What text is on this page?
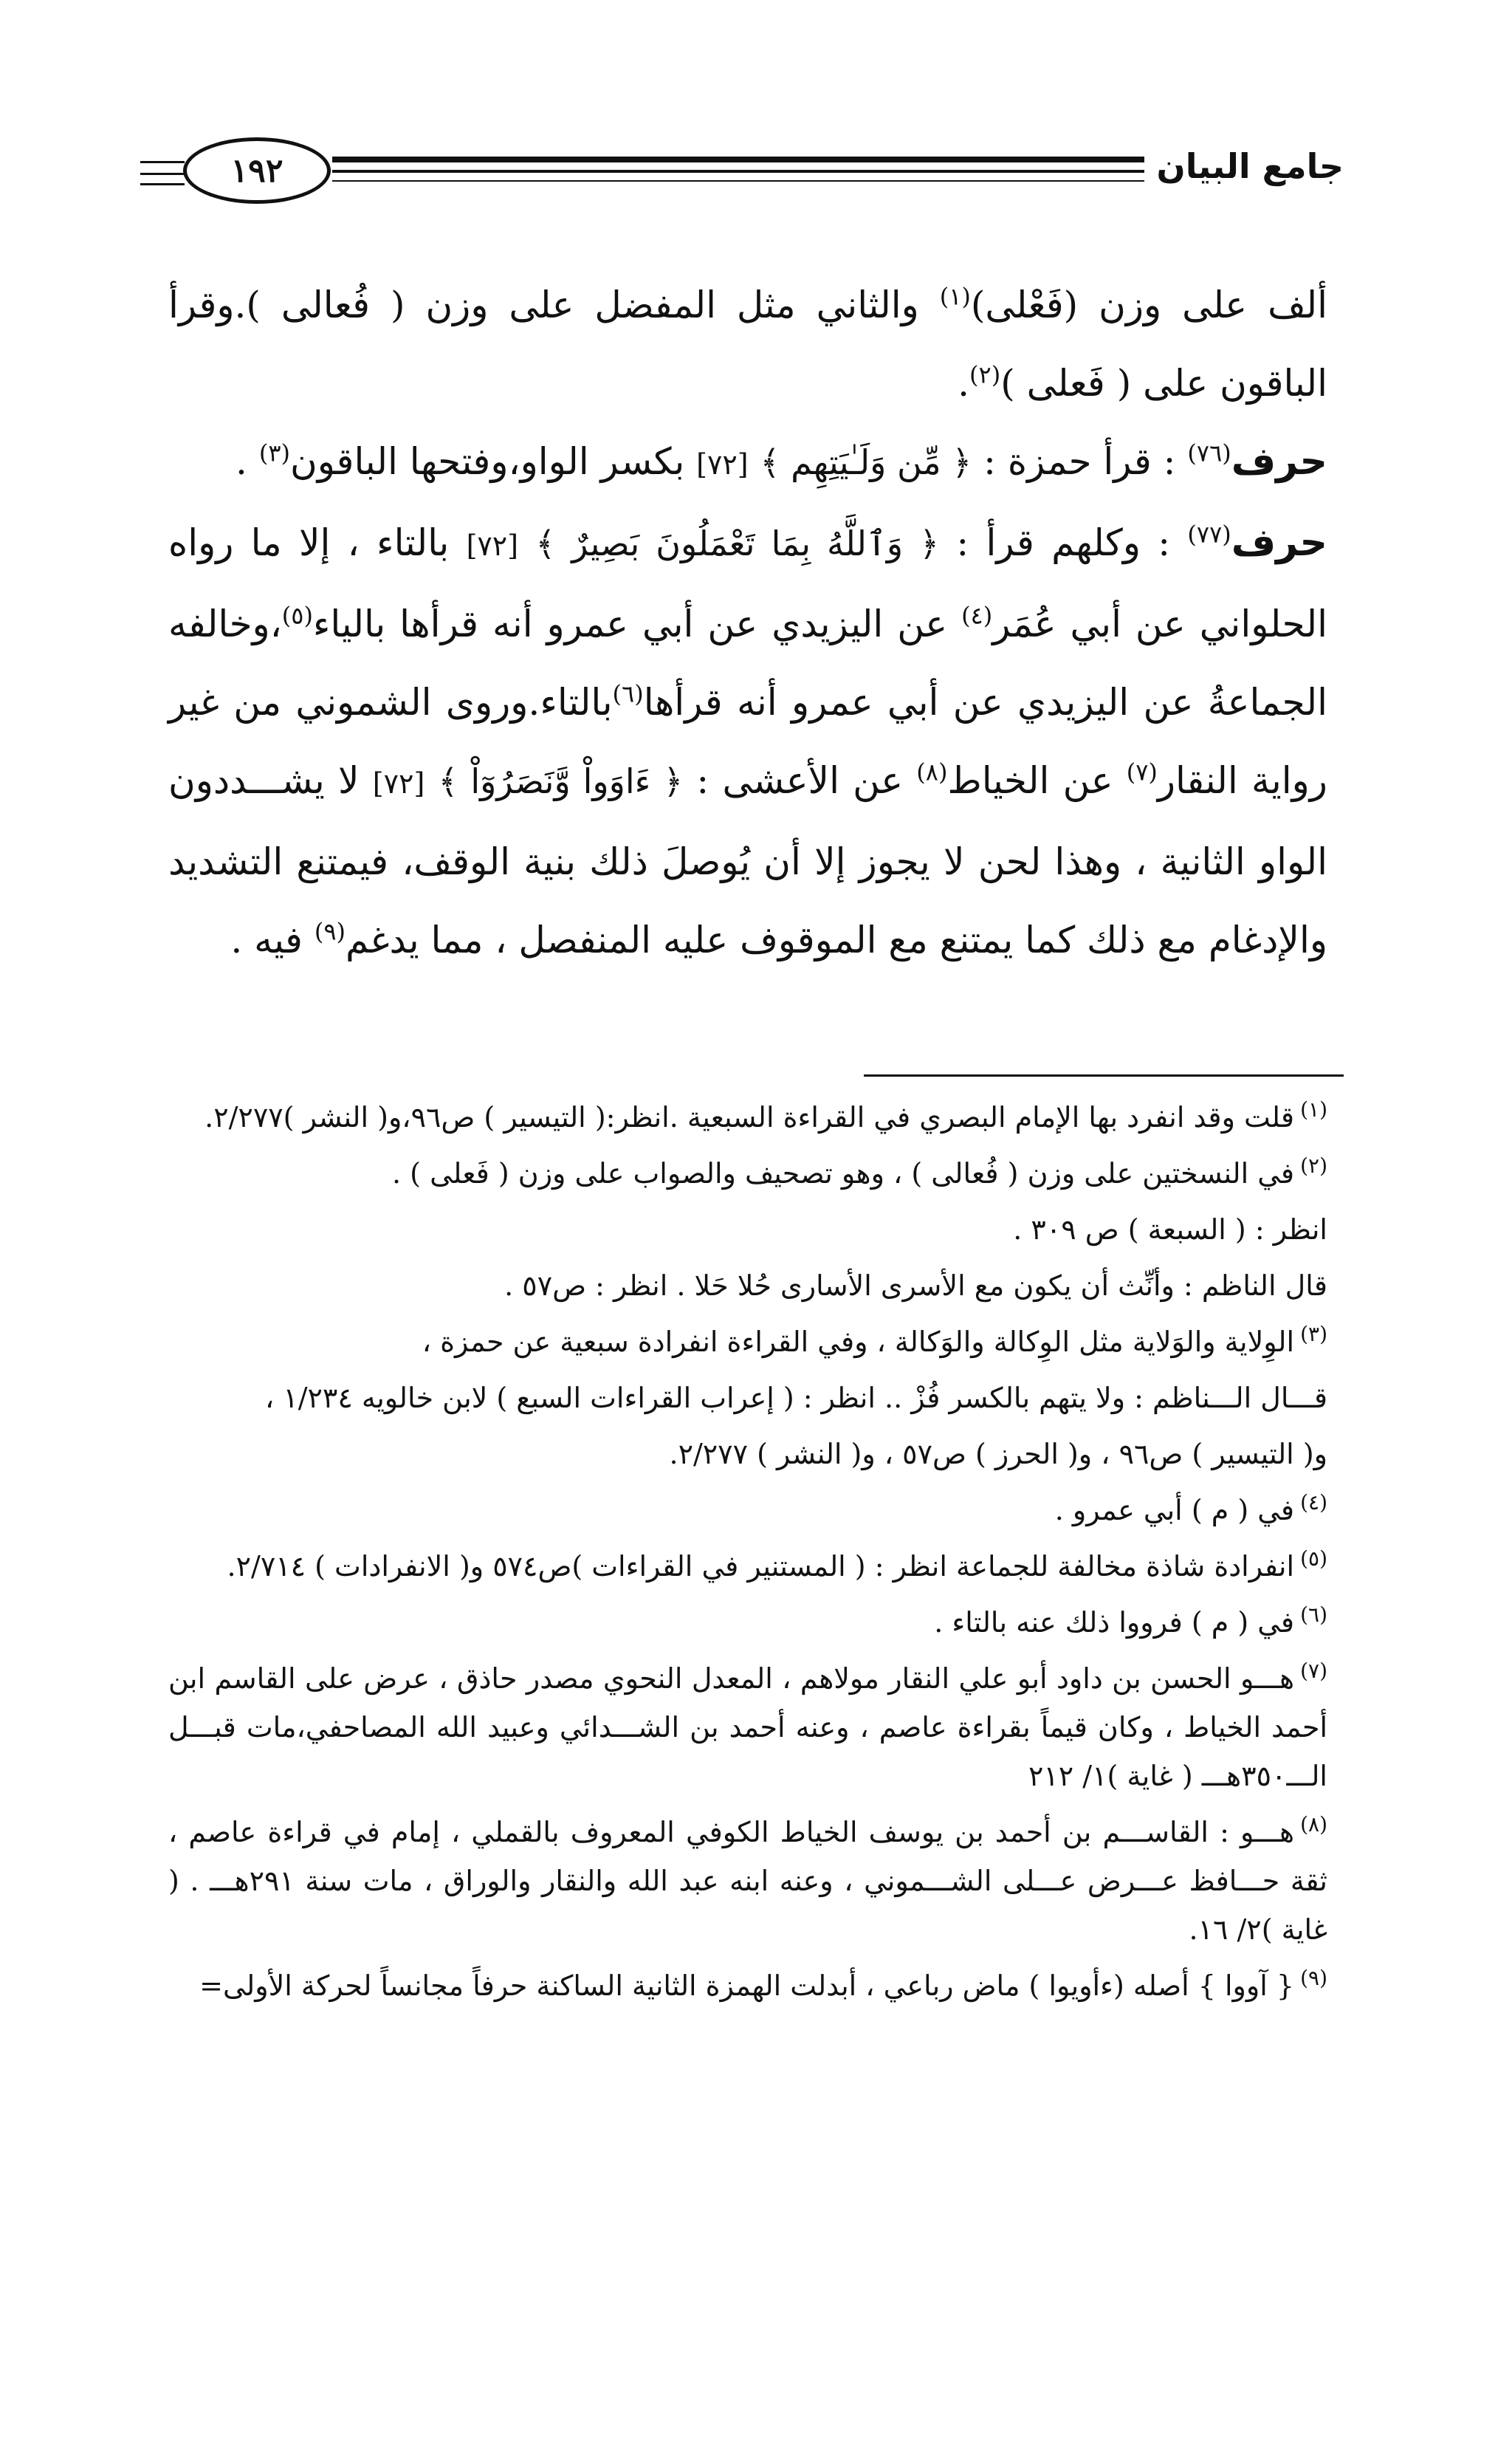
١٩٢	جامع البيان

ألف على وزن (فَعْلى)$^{(١)}$ والثاني مثل المفضل على وزن ( فُعالى ).وقرأ الباقون على ( فَعلى )$^{(٢)}$.

حرف$^{(٧٦)}$ : قرأ حمزة : ﴿ مِّن وَلَـٰيَتِهِم ﴾ [٧٢] بكسر الواو،وفتحها الباقون$^{(٣)}$ .

حرف$^{(٧٧)}$ : وكلهم قرأ : ﴿ وَٱللَّهُ بِمَا تَعْمَلُونَ بَصِيرٌ ﴾ [٧٢] بالتاء ، إلا ما رواه الحلواني عن أبي عُمَر$^{(٤)}$ عن اليزيدي عن أبي عمرو أنه قرأها بالياء$^{(٥)}$،وخالفه الجماعةُ عن اليزيدي عن أبي عمرو أنه قرأها$^{(٦)}$بالتاء.وروى الشموني من غير رواية النقار$^{(٧)}$ عن الخياط$^{(٨)}$ عن الأعشى : ﴿ ءَاوَواْ وَّنَصَرُوٓاْ ﴾ [٧٢] لا يشـــددون الواو الثانية ، وهذا لحن لا يجوز إلا أن يُوصلَ ذلك بنية الوقف، فيمتنع التشديد والإدغام مع ذلك كما يمتنع مع الموقوف عليه المنفصل ، مما يدغم$^{(٩)}$ فيه .

$^{(١)}$قلت وقد انفرد بها الإمام البصري في القراءة السبعية .انظر:( التيسير ) ص٩٦،و( النشر )٢/٢٧٧.

$^{(٢)}$في النسختين على وزن ( فُعالى ) ، وهو تصحيف والصواب على وزن ( فَعلى ) .

انظر : ( السبعة ) ص ٣٠٩ .

قال الناظم : وأنِّث أن يكون مع الأسرى الأسارى حُلا حَلا . انظر : ص٥٧ .

$^{(٣)}$الوِلاية والوَلاية مثل الوِكالة والوَكالة ، وفي القراءة انفرادة سبعية عن حمزة ،

قـــال الـــناظم : ولا يتهم بالكسر فُزْ .. انظر : ( إعراب القراءات السبع ) لابن خالويه ١/٢٣٤ ،

و( التيسير ) ص٩٦ ، و( الحرز ) ص٥٧ ، و( النشر ) ٢/٢٧٧.

$^{(٤)}$في ( م ) أبي عمرو .

$^{(٥)}$انفرادة شاذة مخالفة للجماعة انظر : ( المستنير في القراءات )ص٥٧٤ و( الانفرادات ) ٢/٧١٤.

$^{(٦)}$في ( م ) فرووا ذلك عنه بالتاء .

$^{(٧)}$هـــو الحسن بن داود أبو علي النقار مولاهم ، المعدل النحوي مصدر حاذق ، عرض على القاسم ابن أحمد الخياط ، وكان قيماً بقراءة عاصم ، وعنه أحمد بن الشـــدائي وعبيد الله المصاحفي،مات قبـــل الـــ٣٥٠هـــ ( غاية )١/ ٢١٢

$^{(٨)}$هـــو : القاســـم بن أحمد بن يوسف الخياط الكوفي المعروف بالقملي ، إمام في قراءة عاصم ، ثقة حـــافظ عـــرض عـــلى الشـــموني ، وعنه ابنه عبد الله والنقار والوراق ، مات سنة ٢٩١هـــ . ( غاية )٢/ ١٦.

$^{(٩)}${ آووا } أصله (ءأويوا ) ماض رباعي ، أبدلت الهمزة الثانية الساكنة حرفاً مجانساً لحركة الأولى=
